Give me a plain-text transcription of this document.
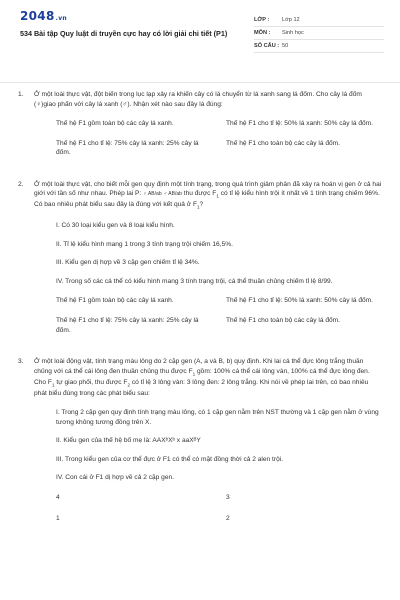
2048.vn
534 Bài tập Quy luật di truyền cực hay có lời giải chi tiết (P1)
LỚP :	Lớp 12
MÔN :	Sinh học
SỐ CÂU : 50
1. Ở một loài thực vật, đột biến trong lục lạp xảy ra khiến cây có lá chuyển từ lá xanh sang lá đốm. Cho cây lá đốm (♀)giao phấn với cây lá xanh (♂). Nhận xét nào sau đây là đúng:
Thế hệ F1 gồm toàn bộ các cây lá xanh.	Thế hệ F1 cho tỉ lệ: 50% lá xanh: 50% cây lá đốm.
Thế hệ F1 cho tỉ lệ: 75% cây lá xanh: 25% cây lá đốm.
Thế hệ F1 cho toàn bộ các cây lá đốm.
2. Ở một loài thực vật, cho biết mỗi gen quy định một tính trạng, trong quá trình giảm phân đã xảy ra hoán vị gen ở cả hai giới với tần số như nhau. Phép lai P: ♀ AB/ab ♂ AB/ab thu được $F_1$ có tỉ lệ kiểu hình trội ít nhất về 1 tính trạng chiếm 96%. Có bao nhiêu phát biểu sau đây là đúng với kết quả ở $F_1$?
I. Có 30 loại kiểu gen và 8 loại kiểu hình.
II. Tỉ lệ kiểu hình mang 1 trong 3 tính trạng trội chiếm 16,5%.
III. Kiểu gen dị hợp về 3 cặp gen chiếm tỉ lệ 34%.
IV. Trong số các cá thể có kiểu hình mang 3 tính trạng trội, cá thể thuần chủng chiếm tỉ lệ 8/99.
Thế hệ F1 gồm toàn bộ các cây lá xanh.	Thế hệ F1 cho tỉ lệ: 50% lá xanh: 50% cây lá đốm.
Thế hệ F1 cho tỉ lệ: 75% cây lá xanh: 25% cây lá đốm.
Thế hệ F1 cho toàn bộ các cây lá đốm.
3. Ở một loài động vật, tính trạng màu lông do 2 cặp gen (A, a và B, b) quy định. Khi lai cá thể đực lông trắng thuần chủng với cá thể cái lông đen thuần chủng thu được $F_1$ gồm: 100% cá thể cái lông vàn, 100% cá thể đực lông đen. Cho $F_1$ tự giao phối, thu được $F_2$ có tỉ lệ 3 lông vàn: 3 lông đen: 2 lông trắng. Khi nói về phép lai trên, có bao nhiêu phát biểu đúng trong các phát biểu sau:
I. Trong 2 cặp gen quy định tính trạng màu lông, có 1 cặp gen nằm trên NST thường và 1 cặp gen nằm ở vùng tương không tương đồng trên X.
II. Kiểu gen của thế hệ bố mẹ là: AAXᵇXᵇ x aaXᴮY
III. Trong kiểu gen của cơ thể đực ở F1 có thể có mặt đồng thời cả 2 alen trội.
IV. Con cái ở F1 dị hợp về cả 2 cặp gen.
4	3
1	2
